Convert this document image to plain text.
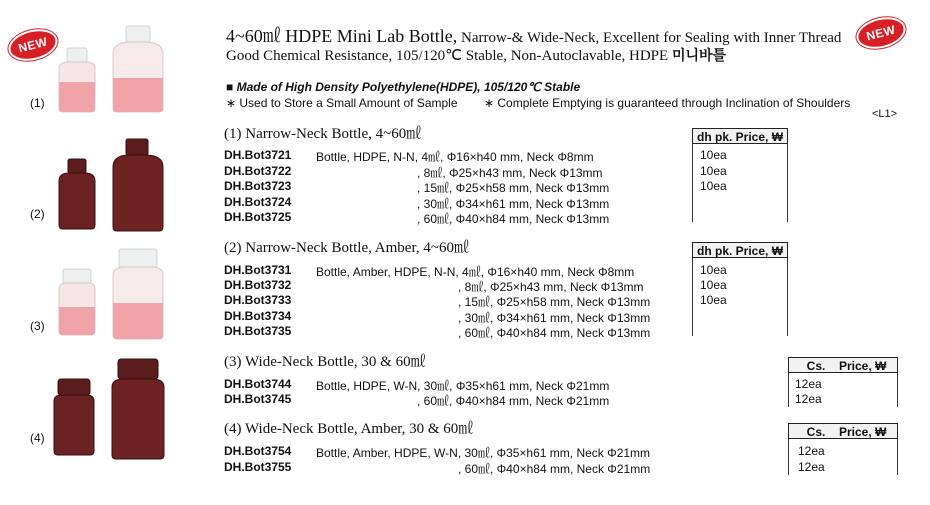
NEW
NEW
4~60㎖ HDPE Mini Lab Bottle, Narrow-& Wide-Neck, Excellent for Sealing with Inner Thread
Good Chemical Resistance, 105/120℃ Stable, Non-Autoclavable, HDPE 미니바틀
■ Made of High Density Polyethylene(HDPE), 105/120℃ Stable
∗ Used to Store a Small Amount of Sample ∗ Complete Emptying is guaranteed through Inclination of Shoulders
<L1>
(1)
(2)
(3)
(4)
(1) Narrow-Neck Bottle, 4~60㎖	dh pk. Price, ₩
DH.Bot3721 Bottle, HDPE, N-N, 4㎖, Φ16×h40 mm, Neck Φ8mm	10ea
DH.Bot3722	, 8㎖, Φ25×h43 mm, Neck Φ13mm	10ea
DH.Bot3723	, 15㎖, Φ25×h58 mm, Neck Φ13mm	10ea
DH.Bot3724	, 30㎖, Φ34×h61 mm, Neck Φ13mm
DH.Bot3725	, 60㎖, Φ40×h84 mm, Neck Φ13mm
(2) Narrow-Neck Bottle, Amber, 4~60㎖	dh pk. Price, ₩
DH.Bot3731 Bottle, Amber, HDPE, N-N, 4㎖, Φ16×h40 mm, Neck Φ8mm	10ea
DH.Bot3732	, 8㎖, Φ25×h43 mm, Neck Φ13mm	10ea
DH.Bot3733	, 15㎖, Φ25×h58 mm, Neck Φ13mm	10ea
DH.Bot3734	, 30㎖, Φ34×h61 mm, Neck Φ13mm
DH.Bot3735	, 60㎖, Φ40×h84 mm, Neck Φ13mm
(3) Wide-Neck Bottle, 30 & 60㎖	Cs. Price, ₩
DH.Bot3744 Bottle, HDPE, W-N, 30㎖, Φ35×h61 mm, Neck Φ21mm	12ea
DH.Bot3745	, 60㎖, Φ40×h84 mm, Neck Φ21mm	12ea
(4) Wide-Neck Bottle, Amber, 30 & 60㎖	Cs. Price, ₩
DH.Bot3754 Bottle, Amber, HDPE, W-N, 30㎖, Φ35×h61 mm, Neck Φ21mm	12ea
DH.Bot3755	, 60㎖, Φ40×h84 mm, Neck Φ21mm	12ea
